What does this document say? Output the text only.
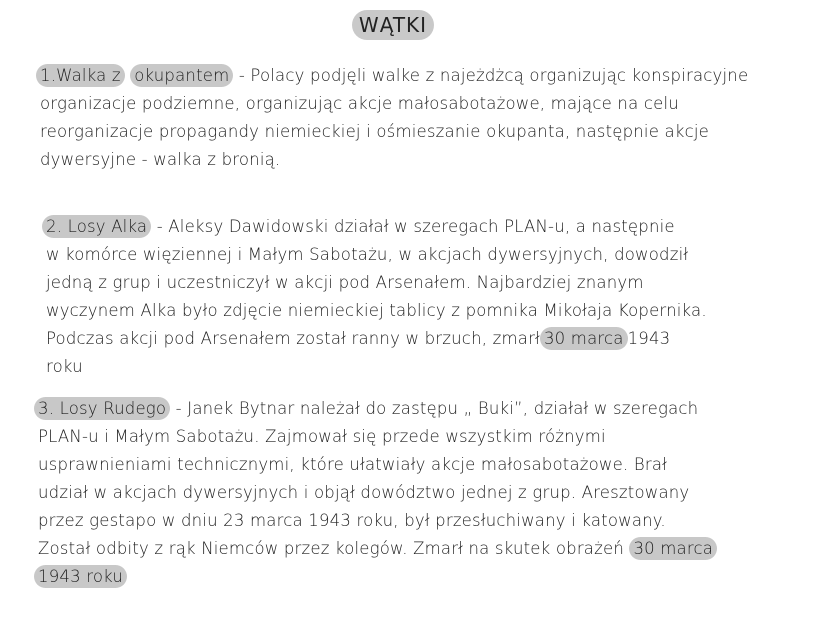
WĄTKI
1.Walka z okupantem - Polacy podjęli walke z najeżdżcą organizując konspiracyjne
organizacje podziemne, organizując akcje małosabotażowe, mające na celu
reorganizacje propagandy niemieckiej i ośmieszanie okupanta, następnie akcje
dywersyjne - walka z bronią.
2. Losy Alka - Aleksy Dawidowski działał w szeregach PLAN-u, a następnie
w komórce więziennej i Małym Sabotażu, w akcjach dywersyjnych, dowodził
jedną z grup i uczestniczył w akcji pod Arsenałem. Najbardziej znanym
wyczynem Alka było zdjęcie niemieckiej tablicy z pomnika Mikołaja Kopernika.
Podczas akcji pod Arsenałem został ranny w brzuch, zmarł 30 marca 1943
roku
3. Losy Rudego - Janek Bytnar należał do zastępu „ Buki”, działał w szeregach
PLAN-u i Małym Sabotażu. Zajmował się przede wszystkim różnymi
usprawnieniami technicznymi, które ułatwiały akcje małosabotażowe. Brał
udział w akcjach dywersyjnych i objął dowództwo jednej z grup. Aresztowany
przez gestapo w dniu 23 marca 1943 roku, był przesłuchiwany i katowany.
Został odbity z rąk Niemców przez kolegów. Zmarł na skutek obrażeń 30 marca
1943 roku
